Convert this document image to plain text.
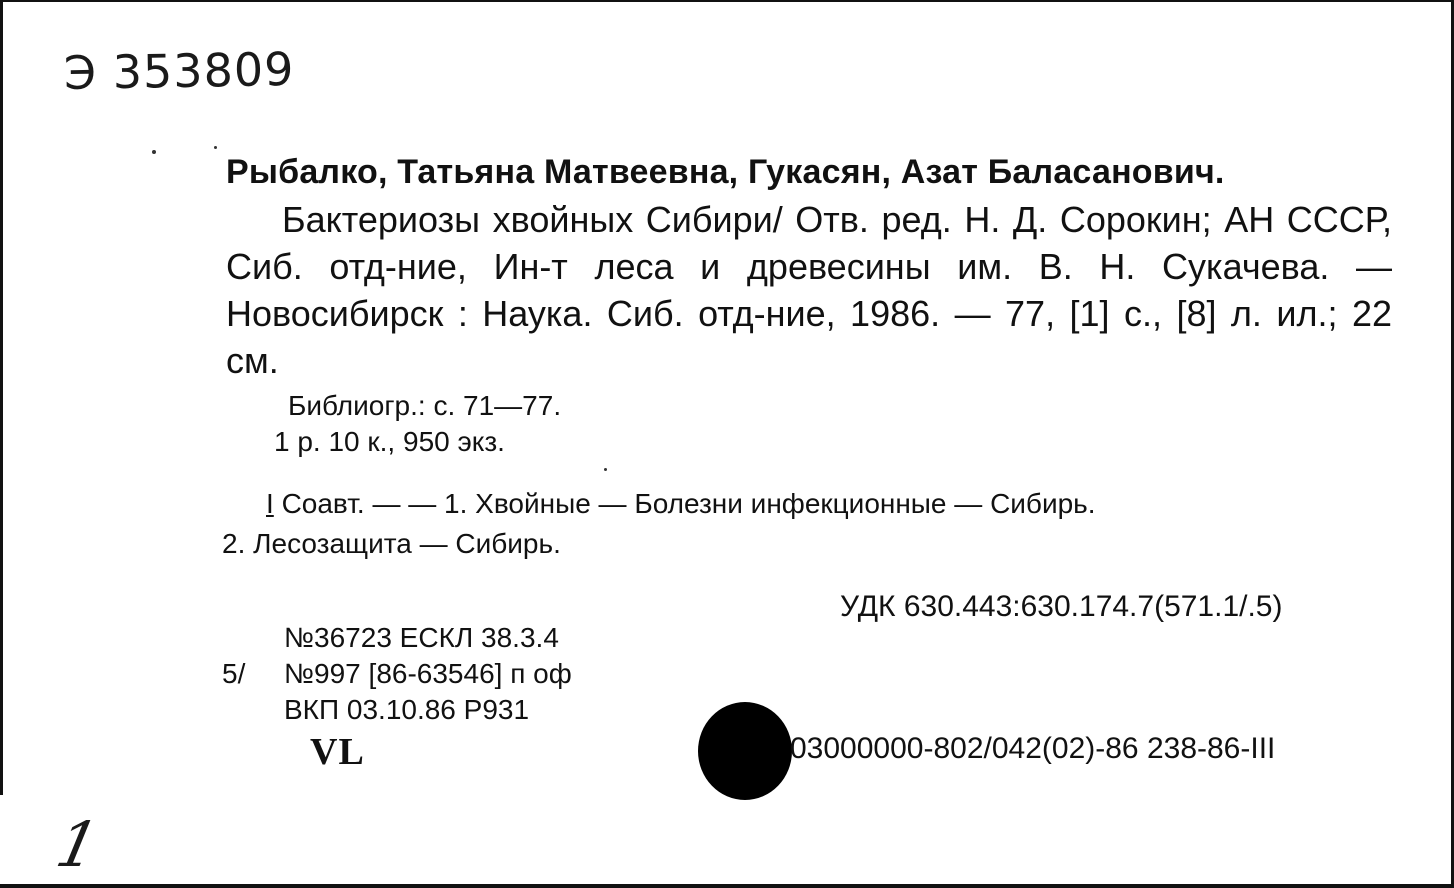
Э 353809
Рыбалко, Татьяна Матвеевна, Гукасян, Азат Баласанович.

Бактериозы хвойных Сибири/ Отв. ред. Н. Д. Сорокин; АН СССР, Сиб. отд-ние, Ин-т леса и древесины им. В. Н. Сукачева. — Новосибирск : Наука. Сиб. отд-ние, 1986. — 77, [1] с., [8] л. ил.; 22 см.

Библиогр.: с. 71—77.

1 р. 10 к., 950 экз.

I Соавт. — — 1. Хвойные — Болезни инфекционные — Сибирь.
2. Лесозащита — Сибирь.
УДК 630.443:630.174.7(571.1/.5)
№36723 ЕСКЛ 38.3.4
5/ №997 [86-63546] п оф
ВКП 03.10.86 Р931
VL	03000000-802/042(02)-86 238-86-III
1
